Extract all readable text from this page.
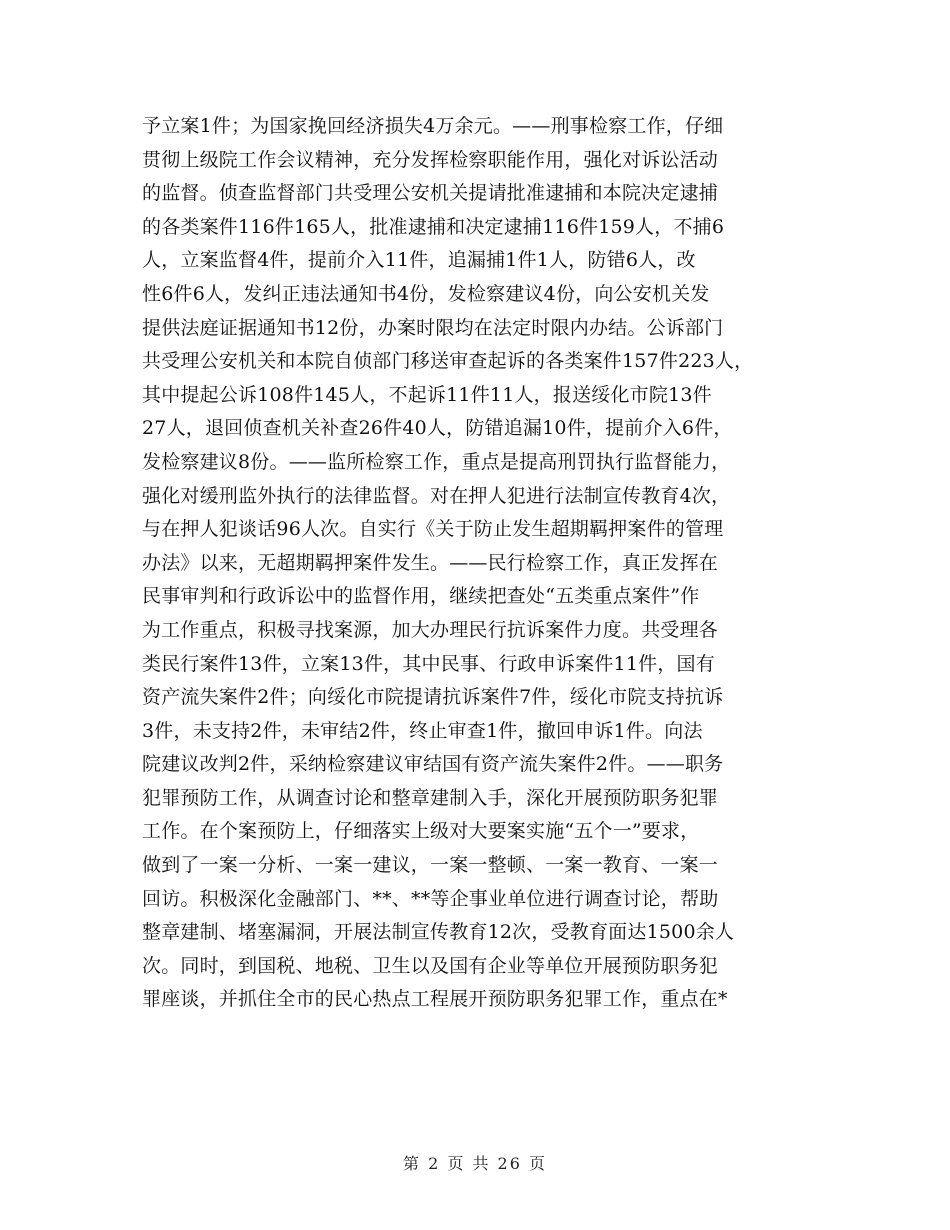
予立案1件；为国家挽回经济损失4万余元。——刑事检察工作，仔细
贯彻上级院工作会议精神，充分发挥检察职能作用，强化对诉讼活动
的监督。侦查监督部门共受理公安机关提请批准逮捕和本院决定逮捕
的各类案件116件165人，批准逮捕和决定逮捕116件159人，不捕6
人，立案监督4件，提前介入11件，追漏捕1件1人，防错6人，改
性6件6人，发纠正违法通知书4份，发检察建议4份，向公安机关发
提供法庭证据通知书12份，办案时限均在法定时限内办结。公诉部门
共受理公安机关和本院自侦部门移送审查起诉的各类案件157件223人，
其中提起公诉108件145人，不起诉11件11人，报送绥化市院13件
27人，退回侦查机关补查26件40人，防错追漏10件，提前介入6件，
发检察建议8份。——监所检察工作，重点是提高刑罚执行监督能力，
强化对缓刑监外执行的法律监督。对在押人犯进行法制宣传教育4次，
与在押人犯谈话96人次。自实行《关于防止发生超期羁押案件的管理
办法》以来，无超期羁押案件发生。——民行检察工作，真正发挥在
民事审判和行政诉讼中的监督作用，继续把查处“五类重点案件”作
为工作重点，积极寻找案源，加大办理民行抗诉案件力度。共受理各
类民行案件13件，立案13件，其中民事、行政申诉案件11件，国有
资产流失案件2件；向绥化市院提请抗诉案件7件，绥化市院支持抗诉
3件，未支持2件，未审结2件，终止审查1件，撤回申诉1件。向法
院建议改判2件，采纳检察建议审结国有资产流失案件2件。——职务
犯罪预防工作，从调查讨论和整章建制入手，深化开展预防职务犯罪
工作。在个案预防上，仔细落实上级对大要案实施“五个一”要求，
做到了一案一分析、一案一建议，一案一整顿、一案一教育、一案一
回访。积极深化金融部门、**、**等企事业单位进行调查讨论，帮助
整章建制、堵塞漏洞，开展法制宣传教育12次，受教育面达1500余人
次。同时，到国税、地税、卫生以及国有企业等单位开展预防职务犯
罪座谈，并抓住全市的民心热点工程展开预防职务犯罪工作，重点在*
第 2 页 共 26 页
